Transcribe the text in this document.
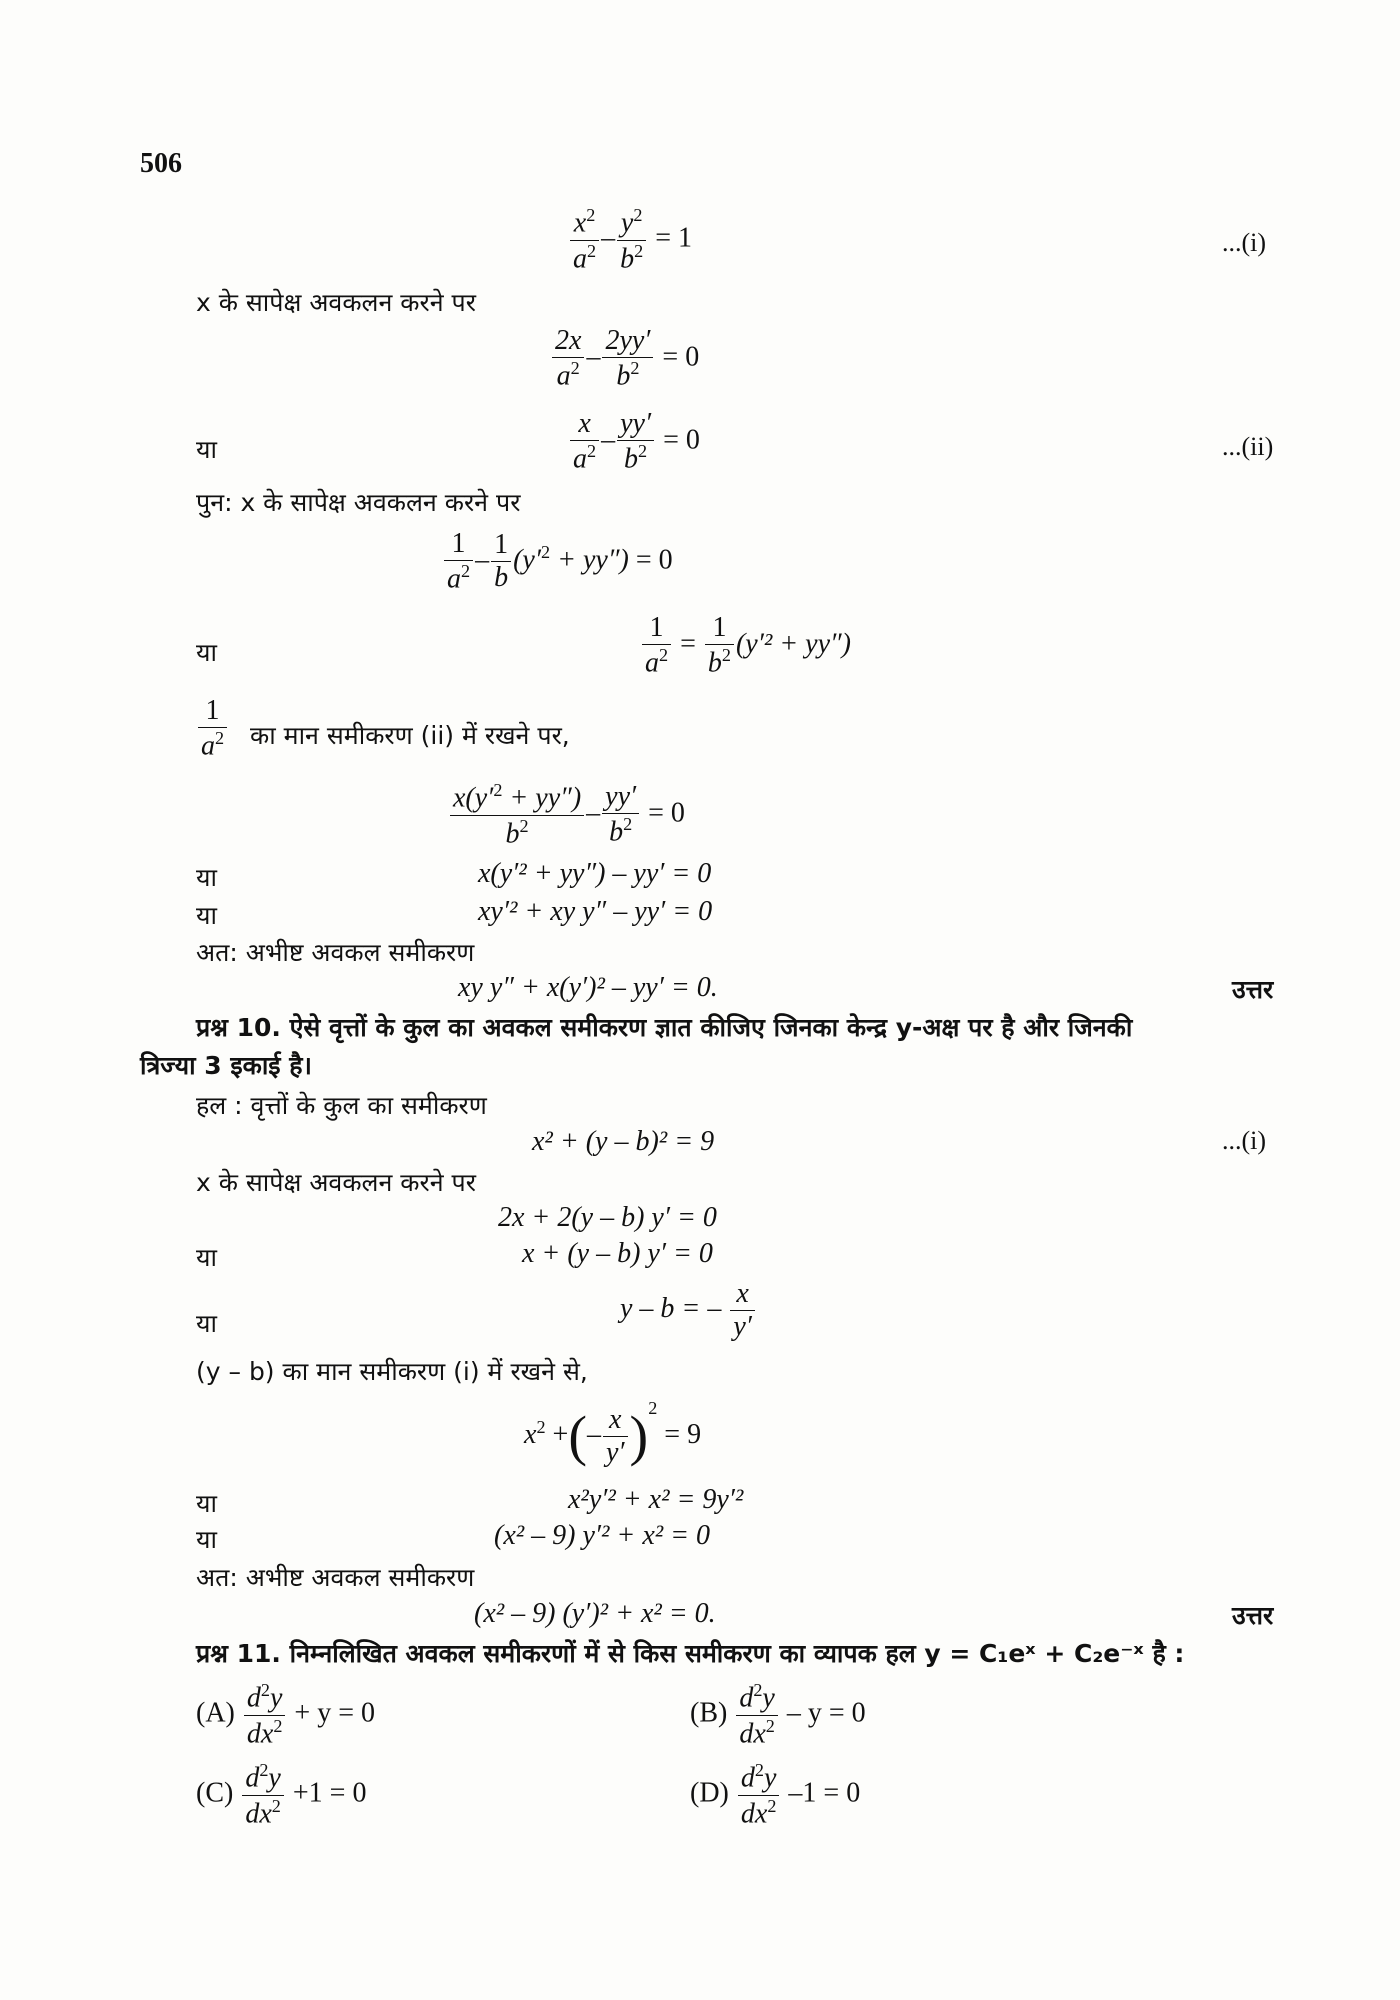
506
$\frac{x^2}{a^2} - \frac{y^2}{b^2} = 1$	...(i)
x के सापेक्ष अवकलन करने पर
$\frac{2x}{a^2} - \frac{2yy'}{b^2} = 0$
या	$\frac{x}{a^2} - \frac{yy'}{b^2} = 0$	...(ii)
पुन: x के सापेक्ष अवकलन करने पर
$\frac{1}{a^2} - \frac{1}{b} (y'^2 + yy'') = 0$
या	$\frac{1}{a^2} = \frac{1}{b^2} (y'^2 + yy'')$
$\frac{1}{a^2}$ का मान समीकरण (ii) में रखने पर,
$\frac{x(y'^2 + yy'')}{b^2} - \frac{yy'}{b^2} = 0$
या	x(y′² + yy″) – yy′ = 0
या	xy′² + xy y″ – yy′ = 0
अत: अभीष्ट अवकल समीकरण
xy y″ + x(y′)² – yy′ = 0.	उत्तर
प्रश्न 10. ऐसे वृत्तों के कुल का अवकल समीकरण ज्ञात कीजिए जिनका केन्द्र y-अक्ष पर है और जिनकी
त्रिज्या 3 इकाई है।
हल : वृत्तों के कुल का समीकरण
x² + (y – b)² = 9	...(i)
x के सापेक्ष अवकलन करने पर
2x + 2(y – b) y′ = 0
या	x + (y – b) y′ = 0
या	y – b = – $\frac{x}{y'}$
(y – b) का मान समीकरण (i) में रखने से,
$x^2$ +(– $\frac{x}{y'} )^2 = 9$
या	x²y′² + x² = 9y′²
या	(x² – 9) y′² + x² = 0
अत: अभीष्ट अवकल समीकरण
(x² – 9) (y′)² + x² = 0.	उत्तर
प्रश्न 11. निम्नलिखित अवकल समीकरणों में से किस समीकरण का व्यापक हल y = C₁eˣ + C₂e⁻ˣ है :
$(A) \frac{d^2y}{dx^2} + y = 0$	$(B) \frac{d^2y}{dx^2} - y = 0$
$(C) \frac{d^2y}{dx^2} +1 = 0$	$(D) \frac{d^2y}{dx^2} -1 = 0$
